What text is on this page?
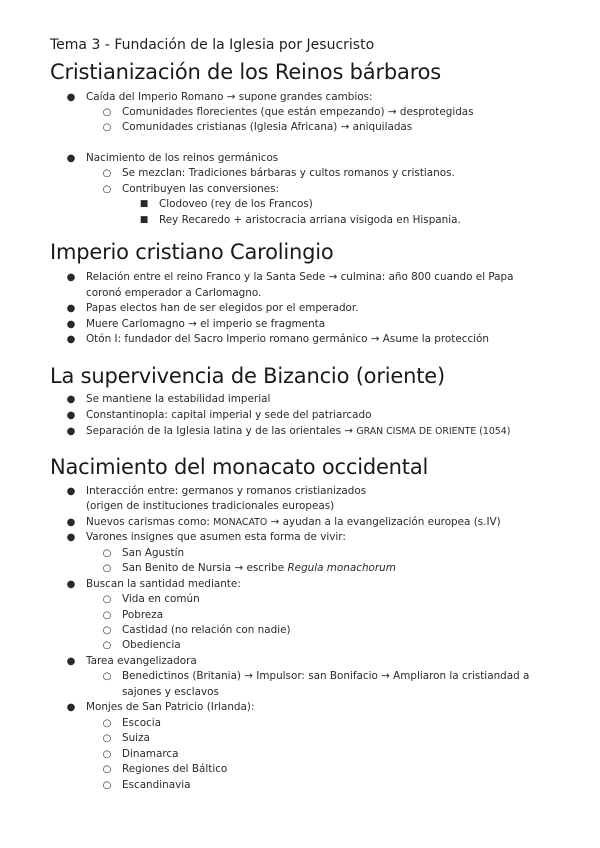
Tema 3 - Fundación de la Iglesia por Jesucristo
Cristianización de los Reinos bárbaros
● Caída del Imperio Romano → supone grandes cambios:
○ Comunidades florecientes (que están empezando) → desprotegidas
○ Comunidades cristianas (Iglesia Africana) → aniquiladas
● Nacimiento de los reinos germánicos
○ Se mezclan: Tradiciones bárbaras y cultos romanos y cristianos.
○ Contribuyen las conversiones:
■ Clodoveo (rey de los Francos)
■ Rey Recaredo + aristocracia arriana visigoda en Hispania.
Imperio cristiano Carolingio
● Relación entre el reino Franco y la Santa Sede → culmina: año 800 cuando el Papa
coronó emperador a Carlomagno.
● Papas electos han de ser elegidos por el emperador.
● Muere Carlomagno → el imperio se fragmenta
● Otón I: fundador del Sacro Imperio romano germánico → Asume la protección
La supervivencia de Bizancio (oriente)
● Se mantiene la estabilidad imperial
● Constantinopla: capital imperial y sede del patriarcado
● Separación de la Iglesia latina y de las orientales → GRAN CISMA DE ORIENTE (1054)
Nacimiento del monacato occidental
● Interacción entre: germanos y romanos cristianizados
(origen de instituciones tradicionales europeas)
● Nuevos carismas como: MONACATO → ayudan a la evangelización europea (s.IV)
● Varones insignes que asumen esta forma de vivir:
○ San Agustín
○ San Benito de Nursia → escribe Regula monachorum
● Buscan la santidad mediante:
○ Vida en común
○ Pobreza
○ Castidad (no relación con nadie)
○ Obediencia
● Tarea evangelizadora
○ Benedictinos (Britania) → Impulsor: san Bonifacio → Ampliaron la cristiandad a
sajones y esclavos
● Monjes de San Patricio (Irlanda):
○ Escocia
○ Suiza
○ Dinamarca
○ Regiones del Báltico
○ Escandinavia
